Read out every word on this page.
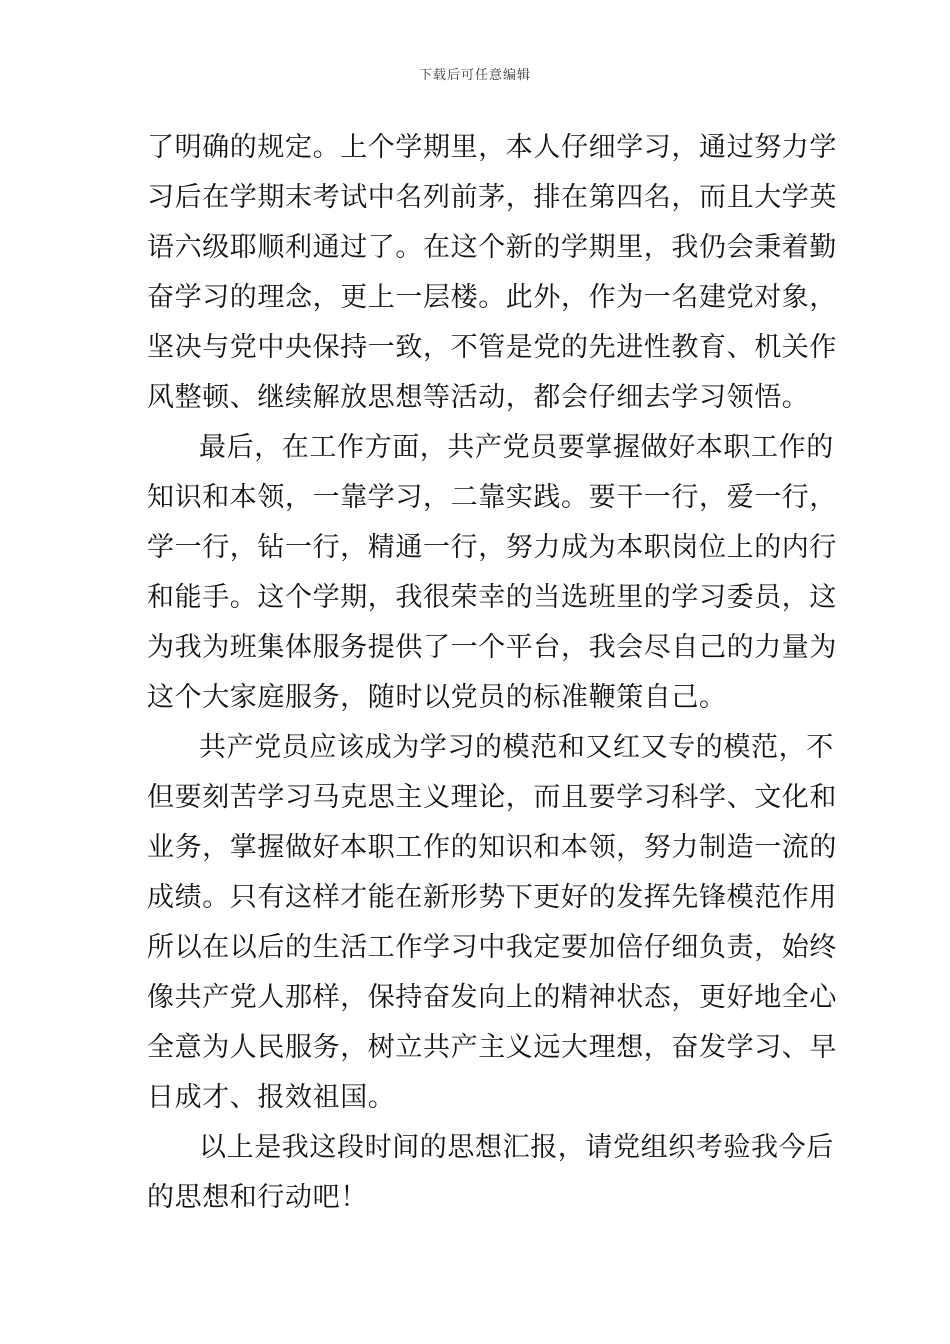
下载后可任意编辑
了明确的规定。上个学期里，本人仔细学习，通过努力学
习后在学期末考试中名列前茅，排在第四名，而且大学英
语六级耶顺利通过了。在这个新的学期里，我仍会秉着勤
奋学习的理念，更上一层楼。此外，作为一名建党对象，
坚决与党中央保持一致，不管是党的先进性教育、机关作
风整顿、继续解放思想等活动，都会仔细去学习领悟。
最后，在工作方面，共产党员要掌握做好本职工作的
知识和本领，一靠学习，二靠实践。要干一行，爱一行，
学一行，钻一行，精通一行，努力成为本职岗位上的内行
和能手。这个学期，我很荣幸的当选班里的学习委员，这
为我为班集体服务提供了一个平台，我会尽自己的力量为
这个大家庭服务，随时以党员的标准鞭策自己。
共产党员应该成为学习的模范和又红又专的模范，不
但要刻苦学习马克思主义理论，而且要学习科学、文化和
业务，掌握做好本职工作的知识和本领，努力制造一流的
成绩。只有这样才能在新形势下更好的发挥先锋模范作用
所以在以后的生活工作学习中我定要加倍仔细负责，始终
像共产党人那样，保持奋发向上的精神状态，更好地全心
全意为人民服务，树立共产主义远大理想，奋发学习、早
日成才、报效祖国。
以上是我这段时间的思想汇报，请党组织考验我今后
的思想和行动吧！
